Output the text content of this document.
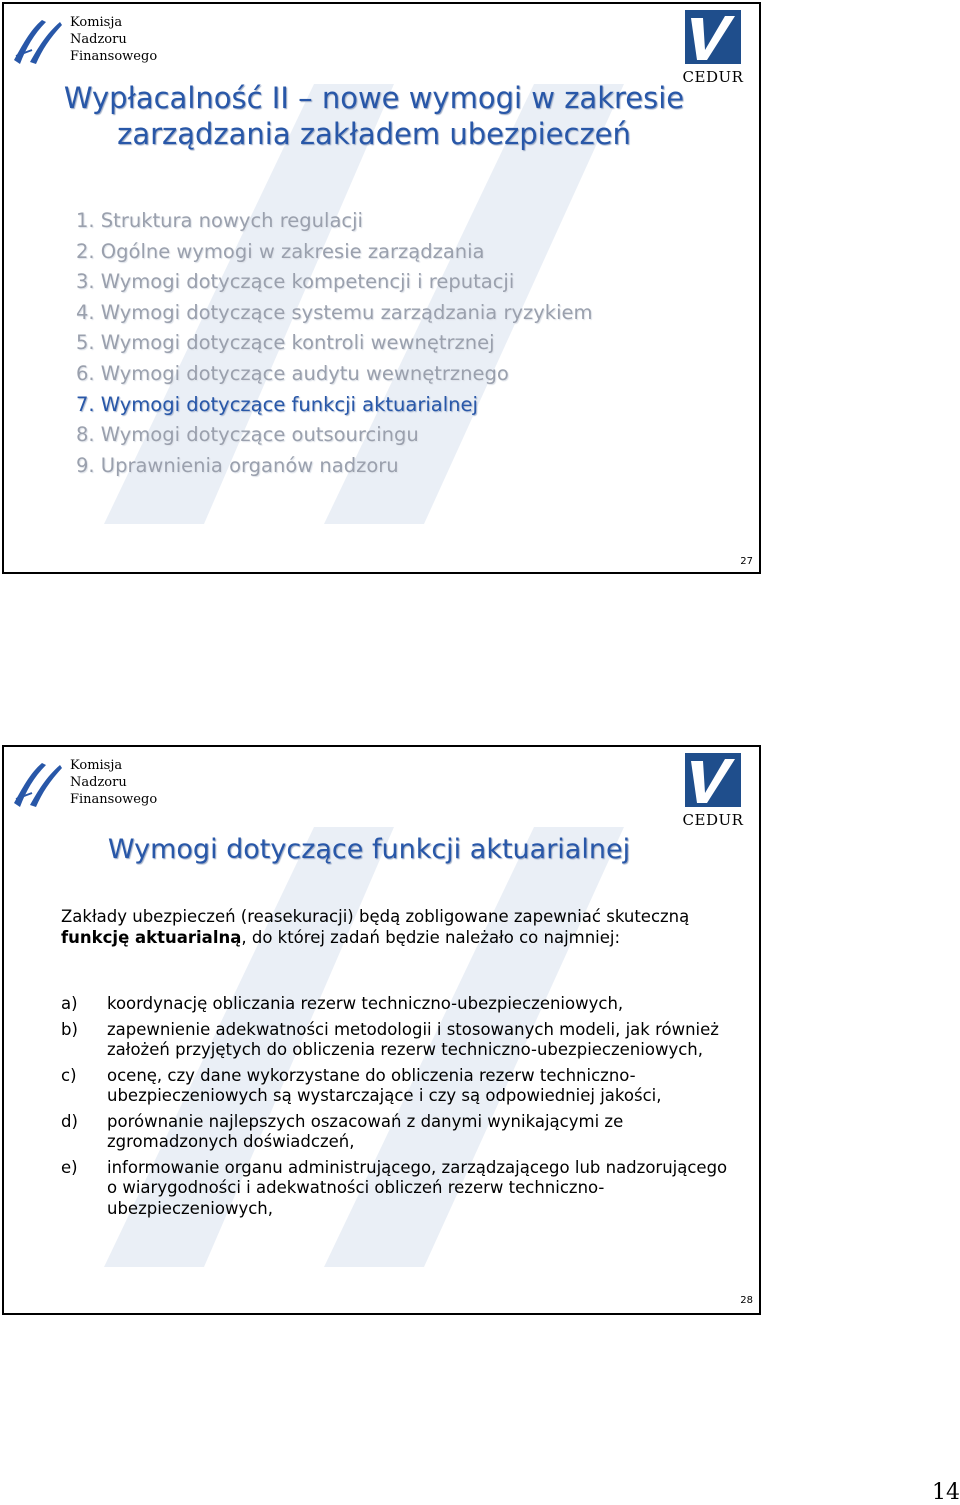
Komisja
Nadzoru
Finansowego
CEDUR
Wypłacalność II – nowe wymogi w zakresie
zarządzania zakładem ubezpieczeń
1. Struktura nowych regulacji
2. Ogólne wymogi w zakresie zarządzania
3. Wymogi dotyczące kompetencji i reputacji
4. Wymogi dotyczące systemu zarządzania ryzykiem
5. Wymogi dotyczące kontroli wewnętrznej
6. Wymogi dotyczące audytu wewnętrznego
7. Wymogi dotyczące funkcji aktuarialnej
8. Wymogi dotyczące outsourcingu
9. Uprawnienia organów nadzoru
27
Komisja
Nadzoru
Finansowego
CEDUR
Wymogi dotyczące funkcji aktuarialnej
Zakłady ubezpieczeń (reasekuracji) będą zobligowane zapewniać skuteczną funkcję aktuarialną, do której zadań będzie należało co najmniej:
a) koordynację obliczania rezerw techniczno-ubezpieczeniowych,
b) zapewnienie adekwatności metodologii i stosowanych modeli, jak również założeń przyjętych do obliczenia rezerw techniczno-ubezpieczeniowych,
c) ocenę, czy dane wykorzystane do obliczenia rezerw techniczno-ubezpieczeniowych są wystarczające i czy są odpowiedniej jakości,
d) porównanie najlepszych oszacowań z danymi wynikającymi ze zgromadzonych doświadczeń,
e) informowanie organu administrującego, zarządzającego lub nadzorującego o wiarygodności i adekwatności obliczeń rezerw techniczno-ubezpieczeniowych,
28
14
